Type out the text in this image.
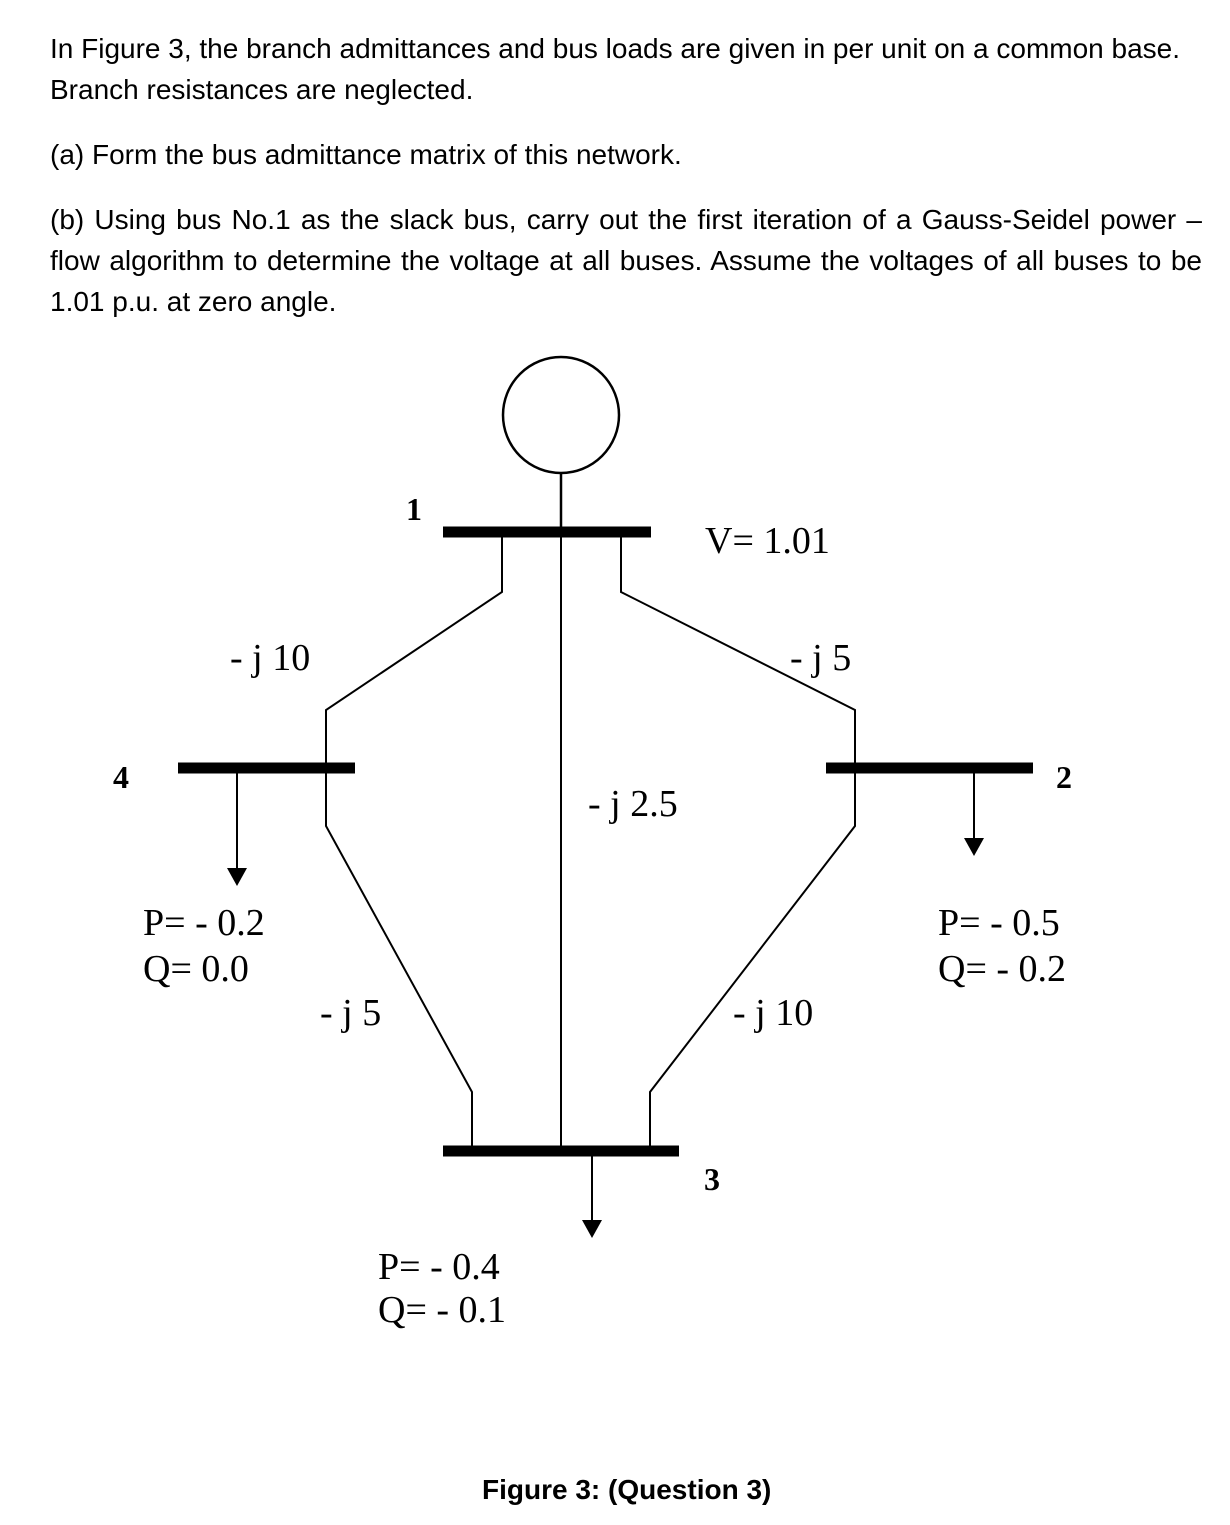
In Figure 3, the branch admittances and bus loads are given in per unit on a common base. Branch resistances are neglected.

(a) Form the bus admittance matrix of this network.

(b) Using bus No.1 as the slack bus, carry out the first iteration of a Gauss-Seidel power – flow algorithm to determine the voltage at all buses. Assume the voltages of all buses to be 1.01 p.u. at zero angle.

1
2
3
4
V= 1.01
- j 10	- j 5
- j 2.5
- j 5	- j 10
P= - 0.2
Q= 0.0
P= - 0.5
Q= - 0.2
P= - 0.4
Q= - 0.1
Figure 3: (Question 3)
